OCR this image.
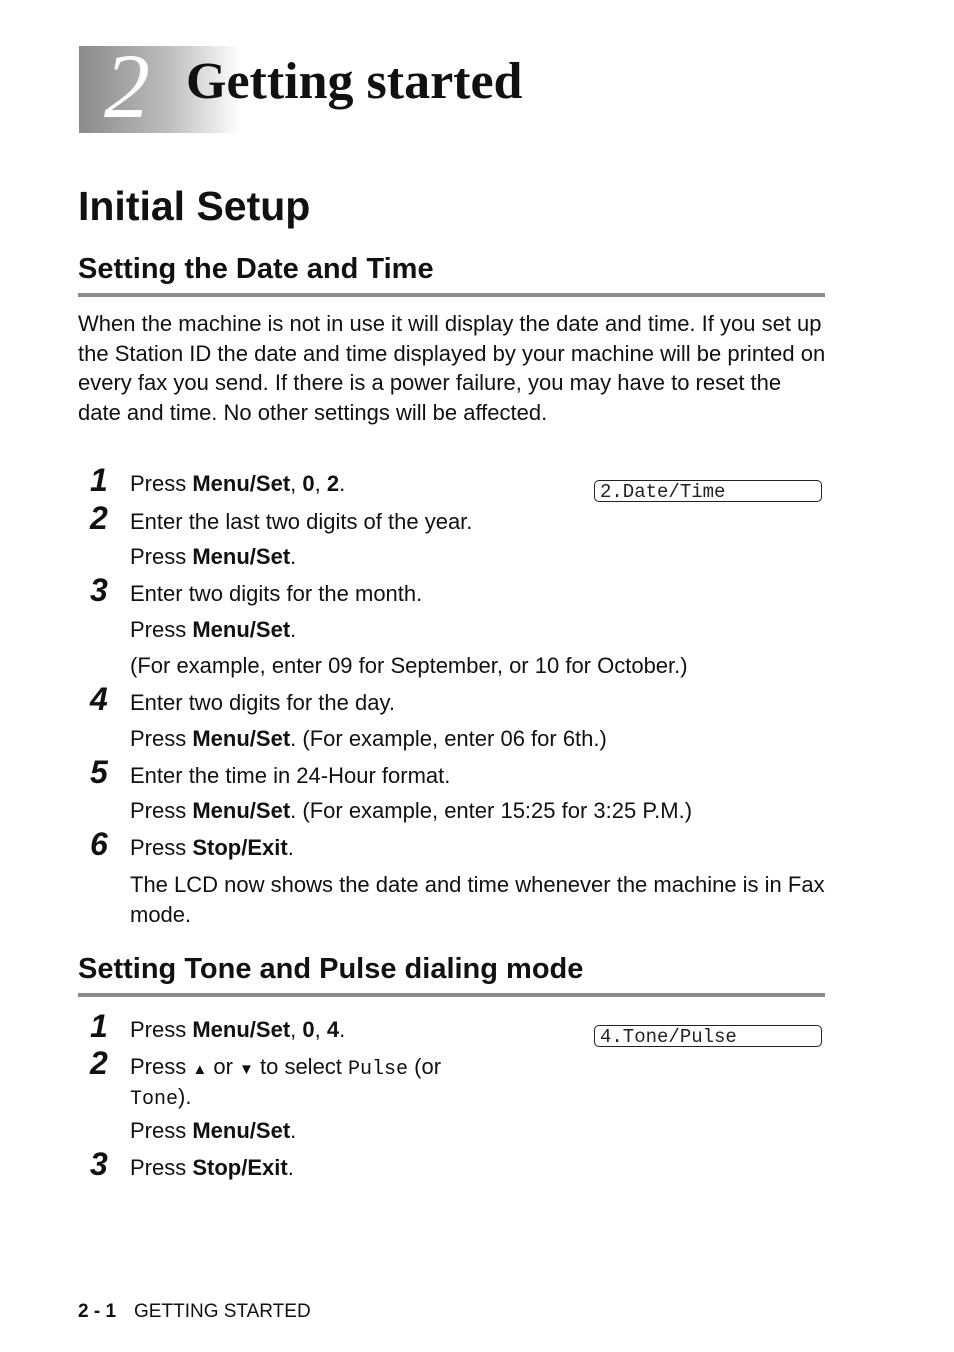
2 Getting started
Initial Setup
Setting the Date and Time
When the machine is not in use it will display the date and time. If you set up the Station ID the date and time displayed by your machine will be printed on every fax you send. If there is a power failure, you may have to reset the date and time. No other settings will be affected.
2.Date/Time
1 Press Menu/Set, 0, 2.
2 Enter the last two digits of the year.
Press Menu/Set.
3 Enter two digits for the month.
Press Menu/Set.
(For example, enter 09 for September, or 10 for October.)
4 Enter two digits for the day.
Press Menu/Set. (For example, enter 06 for 6th.)
5 Enter the time in 24-Hour format.
Press Menu/Set. (For example, enter 15:25 for 3:25 P.M.)
6 Press Stop/Exit.
The LCD now shows the date and time whenever the machine is in Fax mode.
Setting Tone and Pulse dialing mode
4.Tone/Pulse
1 Press Menu/Set, 0, 4.
2 Press ▲ or ▼ to select Pulse (or
Tone).
Press Menu/Set.
3 Press Stop/Exit.
2 - 1 GETTING STARTED
